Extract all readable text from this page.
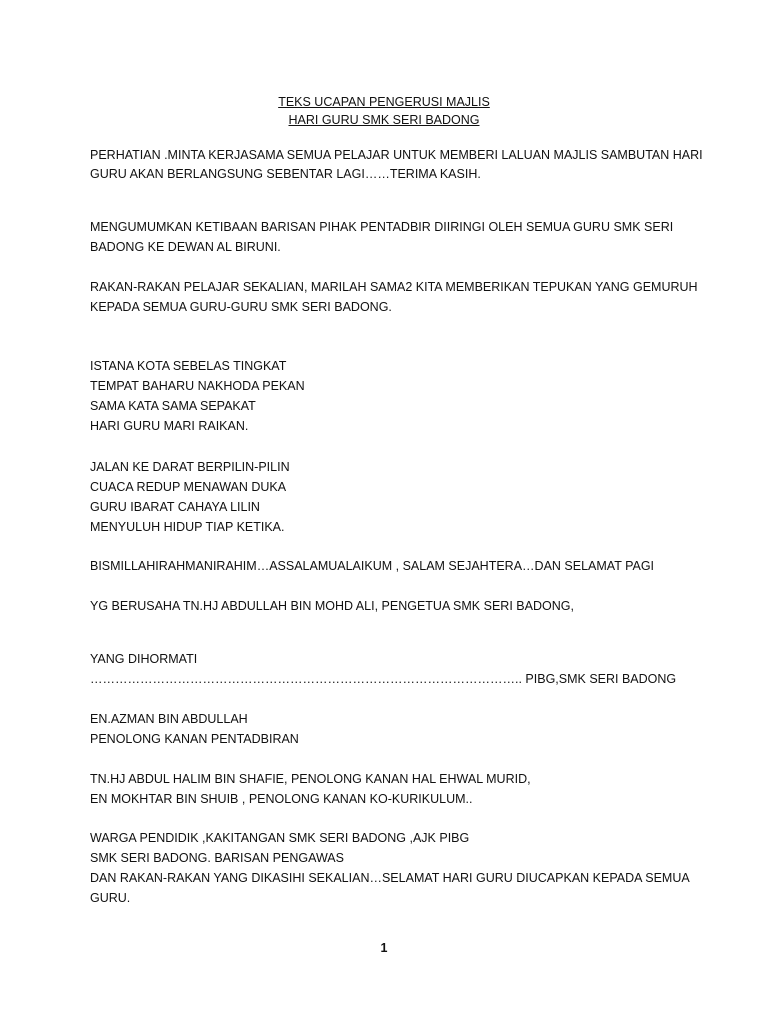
TEKS UCAPAN PENGERUSI MAJLIS
HARI GURU SMK SERI BADONG
PERHATIAN .MINTA KERJASAMA SEMUA PELAJAR UNTUK MEMBERI LALUAN MAJLIS SAMBUTAN HARI
GURU AKAN BERLANGSUNG SEBENTAR LAGI……TERIMA KASIH.
MENGUMUMKAN KETIBAAN BARISAN PIHAK PENTADBIR DIIRINGI OLEH SEMUA GURU SMK SERI
BADONG KE DEWAN AL BIRUNI.
RAKAN-RAKAN PELAJAR SEKALIAN, MARILAH SAMA2 KITA MEMBERIKAN TEPUKAN YANG GEMURUH
KEPADA SEMUA GURU-GURU SMK SERI BADONG.
ISTANA KOTA SEBELAS TINGKAT
TEMPAT BAHARU NAKHODA PEKAN
SAMA KATA SAMA SEPAKAT
HARI GURU MARI RAIKAN.
JALAN KE DARAT BERPILIN-PILIN
CUACA REDUP MENAWAN DUKA
GURU IBARAT CAHAYA LILIN
MENYULUH HIDUP TIAP KETIKA.
BISMILLAHIRAHMANIRAHIM…ASSALAMUALAIKUM , SALAM SEJAHTERA…DAN SELAMAT PAGI
YG BERUSAHA TN.HJ ABDULLAH BIN MOHD ALI, PENGETUA SMK SERI BADONG,
YANG DIHORMATI
………………………………………………………………………………………….. PIBG,SMK SERI BADONG
EN.AZMAN BIN ABDULLAH
PENOLONG KANAN PENTADBIRAN
TN.HJ ABDUL HALIM BIN SHAFIE, PENOLONG KANAN HAL EHWAL MURID,
EN MOKHTAR BIN SHUIB , PENOLONG KANAN KO-KURIKULUM..
WARGA PENDIDIK ,KAKITANGAN SMK SERI BADONG ,AJK PIBG
SMK SERI BADONG. BARISAN PENGAWAS
DAN RAKAN-RAKAN YANG DIKASIHI SEKALIAN…SELAMAT HARI GURU DIUCAPKAN KEPADA SEMUA
GURU.
1
